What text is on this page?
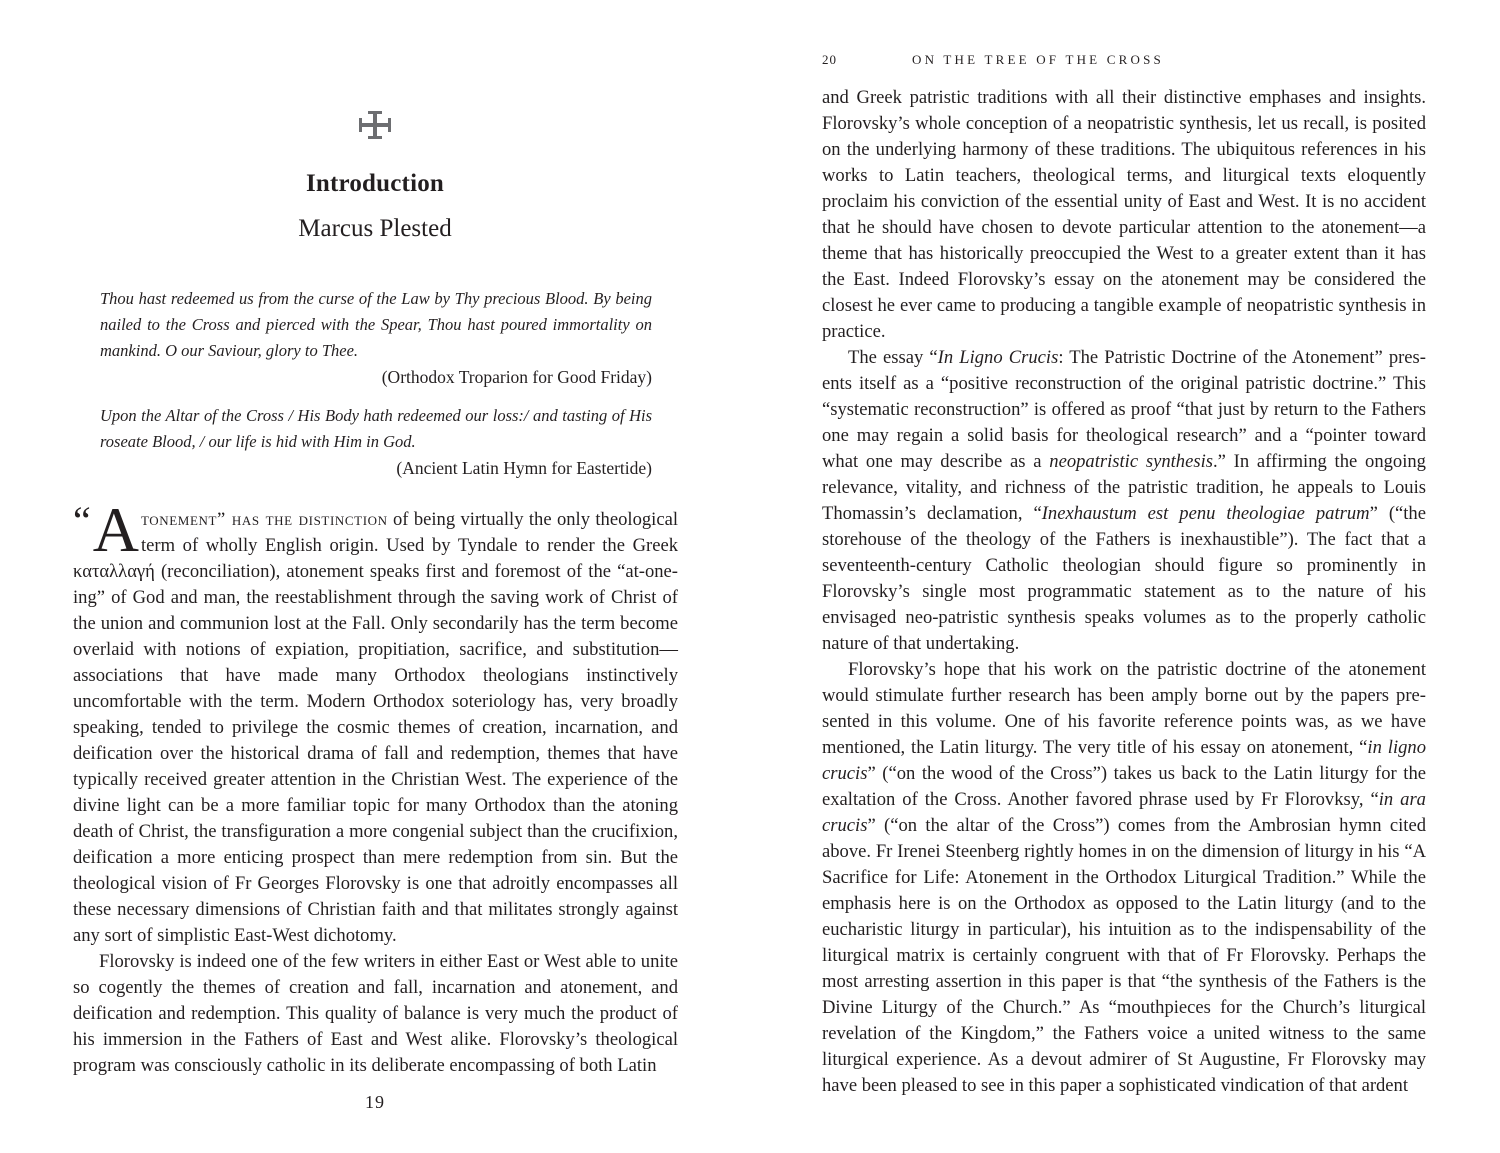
Introduction
Marcus Plested
Thou hast redeemed us from the curse of the Law by Thy precious Blood. By being nailed to the Cross and pierced with the Spear, Thou hast poured immortality on mankind. O our Saviour, glory to Thee.
(Orthodox Troparion for Good Friday)
Upon the Altar of the Cross / His Body hath redeemed our loss:/ and tasting of His roseate Blood, / our life is hid with Him in God.
(Ancient Latin Hymn for Eastertide)

“ A tonement” has the distinction of being virtually the only theological term of wholly English origin. Used by Tyndale to render the Greek καταλλαγή (reconciliation), atonement speaks first and foremost of the “at-one-ing” of God and man, the reestablishment through the saving work of Christ of the union and communion lost at the Fall. Only secondarily has the term become overlaid with notions of expiation, propitiation, sacrifice, and substitution—associations that have made many Orthodox theologians instinctively uncomfortable with the term. Modern Orthodox soteriology has, very broadly speaking, tended to privilege the cosmic themes of creation, incarnation, and deification over the historical drama of fall and redemption, themes that have typically received greater attention in the Christian West. The experience of the divine light can be a more familiar topic for many Orthodox than the atoning death of Christ, the transfiguration a more congenial subject than the crucifixion, deification a more enticing prospect than mere redemption from sin. But the theological vision of Fr Georges Florovsky is one that adroitly encompasses all these necessary dimensions of Christian faith and that militates strongly against any sort of simplistic East-West dichotomy.

Florovsky is indeed one of the few writers in either East or West able to unite so cogently the themes of creation and fall, incarnation and atonement, and deification and redemption. This quality of balance is very much the product of his immersion in the Fathers of East and West alike. Florovsky’s theological program was consciously catholic in its deliberate encompassing of both Latin

19
20	ON THE TREE OF THE CROSS

and Greek patristic traditions with all their distinctive emphases and insights. Florovsky’s whole conception of a neopatristic synthesis, let us recall, is posited on the underlying harmony of these traditions. The ubiquitous references in his works to Latin teachers, theological terms, and liturgical texts eloquently proclaim his conviction of the essential unity of East and West. It is no accident that he should have chosen to devote particular attention to the atonement—a theme that has historically preoccupied the West to a greater extent than it has the East. Indeed Florovsky’s essay on the atonement may be considered the closest he ever came to producing a tangible example of neopatristic synthesis in practice.

The essay “In Ligno Crucis: The Patristic Doctrine of the Atonement” presents itself as a “positive reconstruction of the original patristic doctrine.” This “systematic reconstruction” is offered as proof “that just by return to the Fathers one may regain a solid basis for theological research” and a “pointer toward what one may describe as a neopatristic synthesis.” In affirming the ongoing relevance, vitality, and richness of the patristic tradition, he appeals to Louis Thomassin’s declamation, “Inexhaustum est penu theologiae patrum” (“the storehouse of the theology of the Fathers is inexhaustible”). The fact that a seventeenth-century Catholic theologian should figure so prominently in Florovsky’s single most programmatic statement as to the nature of his envisaged neo-patristic synthesis speaks volumes as to the properly catholic nature of that undertaking.

Florovsky’s hope that his work on the patristic doctrine of the atonement would stimulate further research has been amply borne out by the papers presented in this volume. One of his favorite reference points was, as we have mentioned, the Latin liturgy. The very title of his essay on atonement, “in ligno crucis” (“on the wood of the Cross”) takes us back to the Latin liturgy for the exaltation of the Cross. Another favored phrase used by Fr Florovksy, “in ara crucis” (“on the altar of the Cross”) comes from the Ambrosian hymn cited above. Fr Irenei Steenberg rightly homes in on the dimension of liturgy in his “A Sacrifice for Life: Atonement in the Orthodox Liturgical Tradition.” While the emphasis here is on the Orthodox as opposed to the Latin liturgy (and to the eucharistic liturgy in particular), his intuition as to the indispensability of the liturgical matrix is certainly congruent with that of Fr Florovsky. Perhaps the most arresting assertion in this paper is that “the synthesis of the Fathers is the Divine Liturgy of the Church.” As “mouthpieces for the Church’s liturgical revelation of the Kingdom,” the Fathers voice a united witness to the same liturgical experience. As a devout admirer of St Augustine, Fr Florovsky may have been pleased to see in this paper a sophisticated vindication of that ardent
